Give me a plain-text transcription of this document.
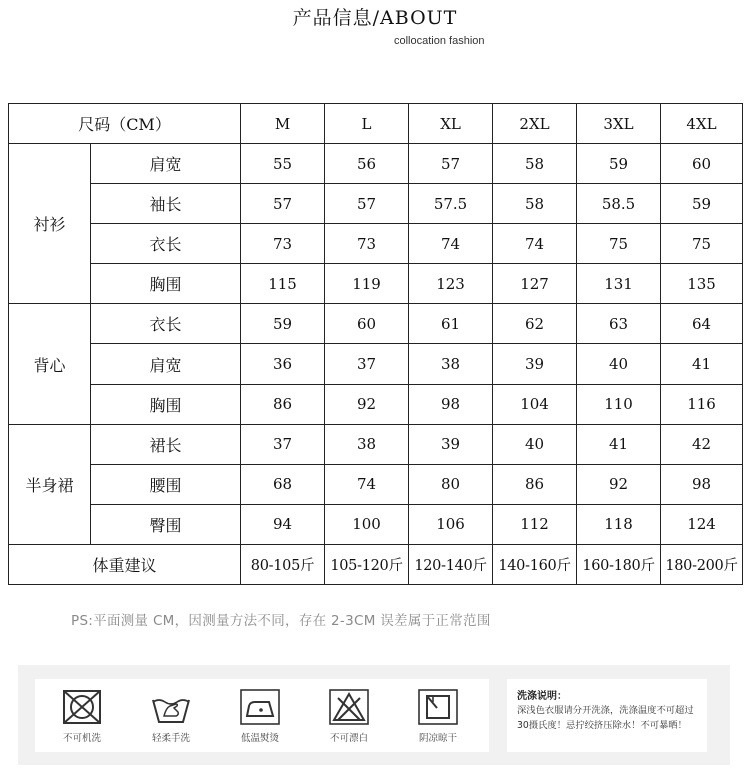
产品信息/ABOUT
collocation fashion
尺码（CM）		M	L	XL	2XL	3XL	4XL
衬衫	肩宽	55	56	57	58	59	60
	袖长	57	57	57.5	58	58.5	59
	衣长	73	73	74	74	75	75
	胸围	115	119	123	127	131	135
背心	衣长	59	60	61	62	63	64
	肩宽	36	37	38	39	40	41
	胸围	86	92	98	104	110	116
半身裙	裙长	37	38	39	40	41	42
	腰围	68	74	80	86	92	98
	臀围	94	100	106	112	118	124
体重建议		80-105斤	105-120斤	120-140斤	140-160斤	160-180斤	180-200斤
PS:平面测量 CM，因测量方法不同，存在 2-3CM 误差属于正常范围
不可机洗	轻柔手洗	低温熨烫	不可漂白	阴凉晾干
洗涤说明：
深浅色衣服请分开洗涤，洗涤温度不可超过30摄氏度！忌拧绞挤压除水！不可暴晒！
